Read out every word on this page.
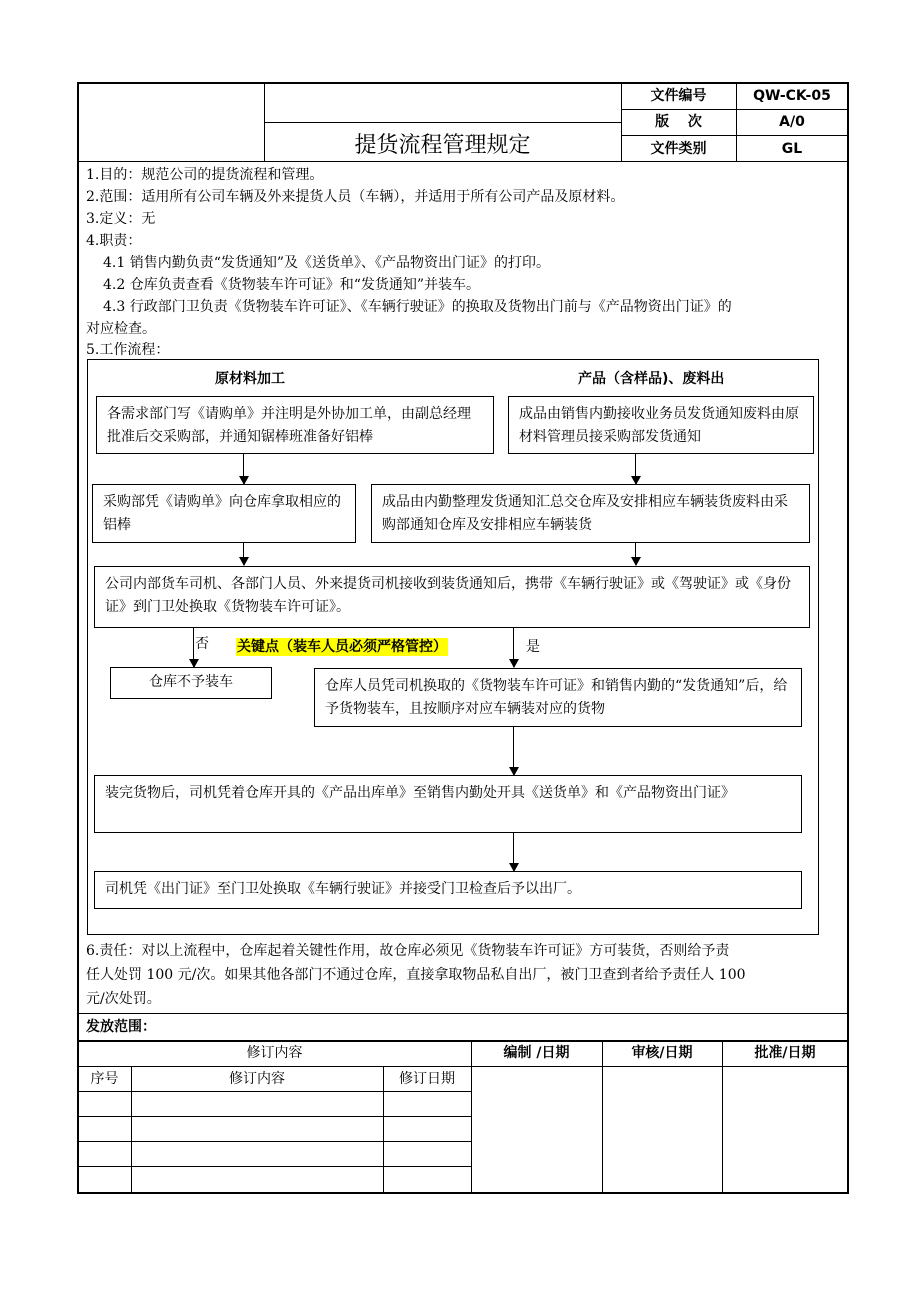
提货流程管理规定
文件编号	QW-CK-05
版　 次	A/0
文件类别	GL
1.目的：规范公司的提货流程和管理。
2.范围：适用所有公司车辆及外来提货人员（车辆），并适用于所有公司产品及原材料。
3.定义：无
4.职责：
4.1 销售内勤负责“发货通知”及《送货单》、《产品物资出门证》的打印。
4.2 仓库负责查看《货物装车许可证》和“发货通知”并装车。
4.3 行政部门卫负责《货物装车许可证》、《车辆行驶证》的换取及货物出门前与《产品物资出门证》的
对应检查。
5.工作流程：
原材料加工	产品（含样品)、废料出
各需求部门写《请购单》并注明是外协加工单，由副总经理批准后交采购部，并通知锯棒班准备好铝棒
成品由销售内勤接收业务员发货通知废料由原材料管理员接采购部发货通知
采购部凭《请购单》向仓库拿取相应的铝棒
成品由内勤整理发货通知汇总交仓库及安排相应车辆装货废料由采购部通知仓库及安排相应车辆装货
公司内部货车司机、各部门人员、外来提货司机接收到装货通知后，携带《车辆行驶证》或《驾驶证》或《身份证》到门卫处换取《货物装车许可证》。
否 关键点（装车人员必须严格管控）	是
仓库不予装车	仓库人员凭司机换取的《货物装车许可证》和销售内勤的“发货通知”后，给予货物装车，且按顺序对应车辆装对应的货物
装完货物后，司机凭着仓库开具的《产品出库单》至销售内勤处开具《送货单》和《产品物资出门证》
司机凭《出门证》至门卫处换取《车辆行驶证》并接受门卫检查后予以出厂。
6.责任：对以上流程中，仓库起着关键性作用，故仓库必须见《货物装车许可证》方可装货，否则给予责
任人处罚 100 元/次。如果其他各部门不通过仓库，直接拿取物品私自出厂，被门卫查到者给予责任人 100
元/次处罚。
发放范围：
修订内容	编制 /日期	审核/日期	批准/日期
序号	修订内容	修订日期
